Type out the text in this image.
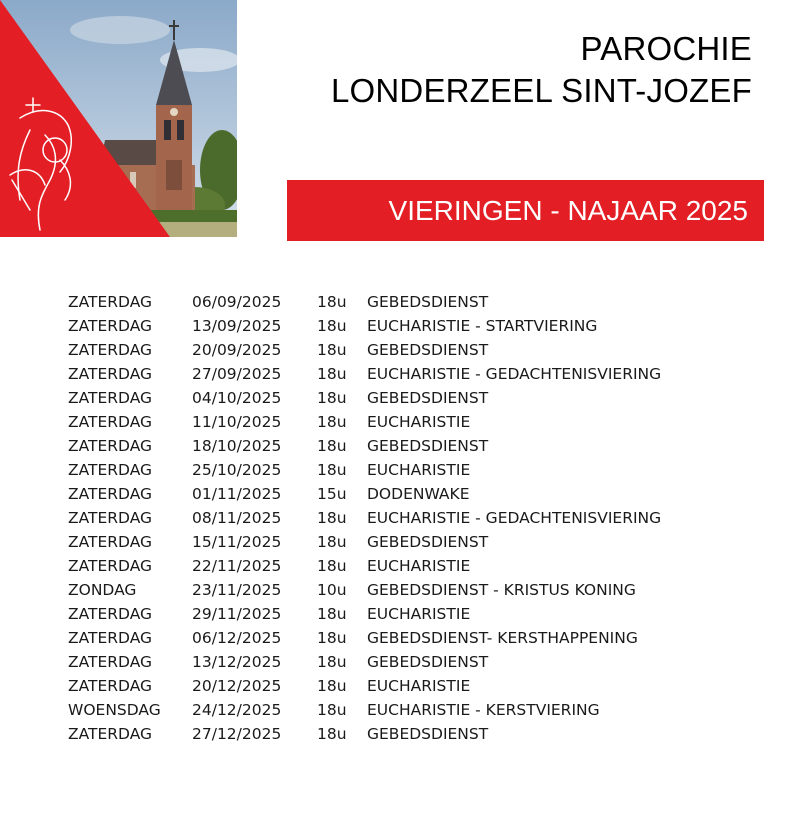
PAROCHIE
LONDERZEEL SINT-JOZEF
VIERINGEN - NAJAAR 2025
ZATERDAG	06/09/2025 18u GEBEDSDIENST
ZATERDAG	13/09/2025 18u EUCHARISTIE - STARTVIERING
ZATERDAG	20/09/2025 18u GEBEDSDIENST
ZATERDAG	27/09/2025 18u EUCHARISTIE - GEDACHTENISVIERING
ZATERDAG	04/10/2025 18u GEBEDSDIENST
ZATERDAG	11/10/2025 18u EUCHARISTIE
ZATERDAG	18/10/2025 18u GEBEDSDIENST
ZATERDAG	25/10/2025 18u EUCHARISTIE
ZATERDAG	01/11/2025 15u DODENWAKE
ZATERDAG	08/11/2025 18u EUCHARISTIE - GEDACHTENISVIERING
ZATERDAG	15/11/2025 18u GEBEDSDIENST
ZATERDAG	22/11/2025 18u EUCHARISTIE
ZONDAG	23/11/2025 10u GEBEDSDIENST - KRISTUS KONING
ZATERDAG	29/11/2025 18u EUCHARISTIE
ZATERDAG	06/12/2025 18u GEBEDSDIENST- KERSTHAPPENING
ZATERDAG	13/12/2025 18u GEBEDSDIENST
ZATERDAG	20/12/2025 18u EUCHARISTIE
WOENSDAG 24/12/2025 18u EUCHARISTIE - KERSTVIERING
ZATERDAG	27/12/2025 18u GEBEDSDIENST
